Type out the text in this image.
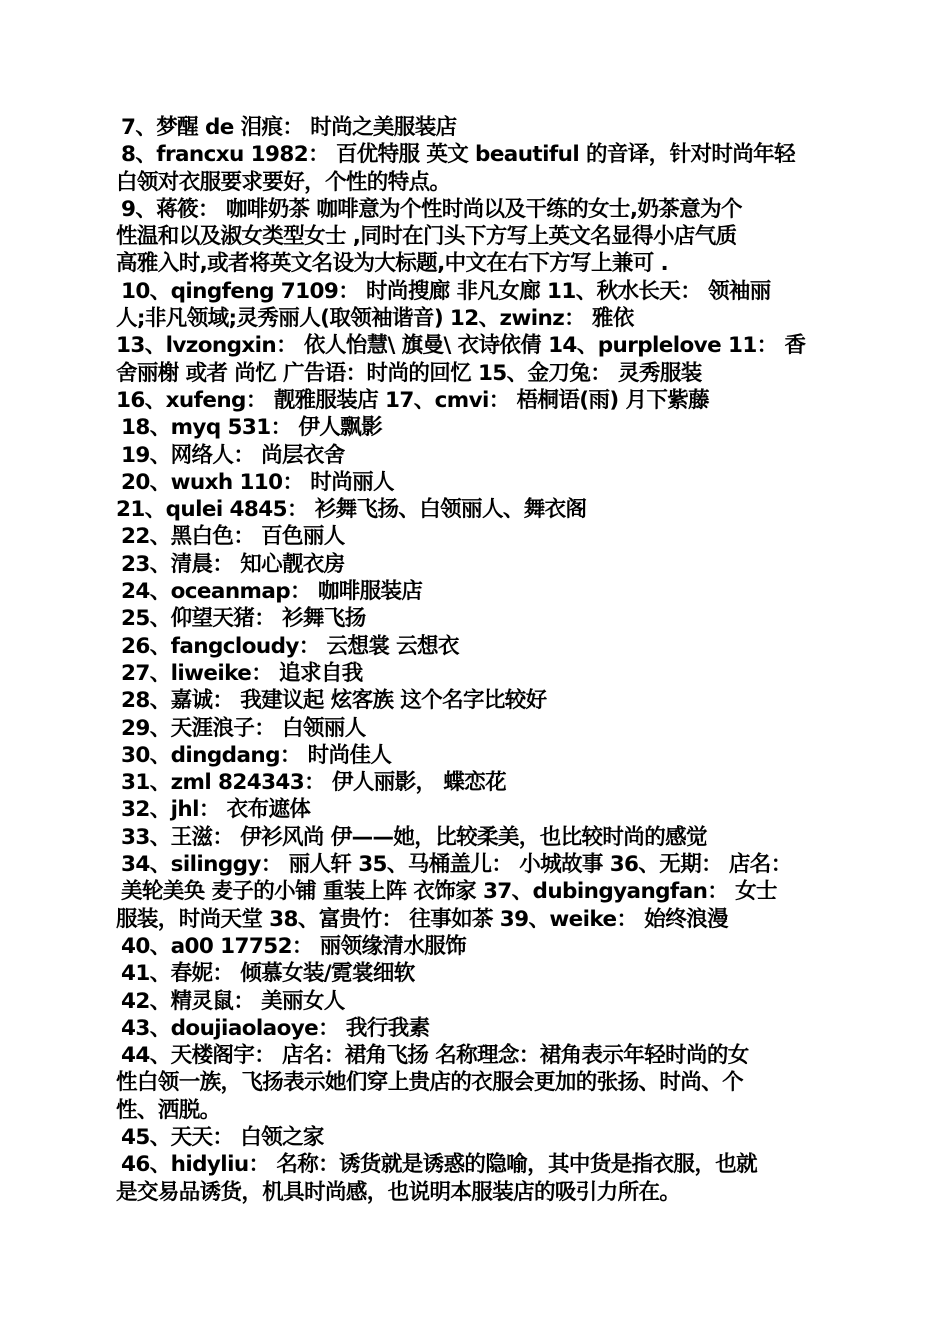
7、梦醒 de 泪痕： 时尚之美服装店
8、francxu 1982： 百优特服 英文 beautiful 的音译，针对时尚年轻
白领对衣服要求要好，个性的特点。
9、蒋筱： 咖啡奶茶 咖啡意为个性时尚以及干练的女士,奶茶意为个
性温和以及淑女类型女士 ,同时在门头下方写上英文名显得小店气质
高雅入时,或者将英文名设为大标题,中文在右下方写上兼可 .
10、qingfeng 7109： 时尚搜廊 非凡女廊 11、秋水长天： 领袖丽
人;非凡领域;灵秀丽人(取领袖谐音) 12、zwinz： 雅依
13、lvzongxin： 依人怡慧\ 旗曼\ 衣诗依倩 14、purplelove 11： 香
舍丽榭 或者 尚忆 广告语：时尚的回忆 15、金刀兔： 灵秀服装
16、xufeng： 靓雅服装店 17、cmvi： 梧桐语(雨) 月下紫藤
18、myq 531： 伊人飘影
19、网络人： 尚层衣舍
20、wuxh 110： 时尚丽人
21、qulei 4845： 衫舞飞扬、白领丽人、舞衣阁
22、黑白色： 百色丽人
23、清晨： 知心靓衣房
24、oceanmap： 咖啡服装店
25、仰望天猪： 衫舞飞扬
26、fangcloudy： 云想裳 云想衣
27、liweike： 追求自我
28、嘉诚： 我建议起 炫客族 这个名字比较好
29、天涯浪子： 白领丽人
30、dingdang： 时尚佳人
31、zml 824343： 伊人丽影， 蝶恋花
32、jhl： 衣布遮体
33、王滋： 伊衫风尚 伊——她，比较柔美，也比较时尚的感觉
34、silinggy： 丽人轩 35、马桶盖儿： 小城故事 36、无期： 店名：
美轮美奂 麦子的小铺 重装上阵 衣饰家 37、dubingyangfan： 女士
服装，时尚天堂 38、富贵竹： 往事如茶 39、weike： 始终浪漫
40、a00 17752： 丽领缘清水服饰
41、春妮： 倾慕女装/霓裳细软
42、精灵鼠： 美丽女人
43、doujiaolaoye： 我行我素
44、天楼阁宇： 店名：裙角飞扬 名称理念：裙角表示年轻时尚的女
性白领一族，飞扬表示她们穿上贵店的衣服会更加的张扬、时尚、个
性、洒脱。
45、天天： 白领之家
46、hidyliu： 名称：诱货就是诱惑的隐喻，其中货是指衣服，也就
是交易品诱货，机具时尚感，也说明本服装店的吸引力所在。
